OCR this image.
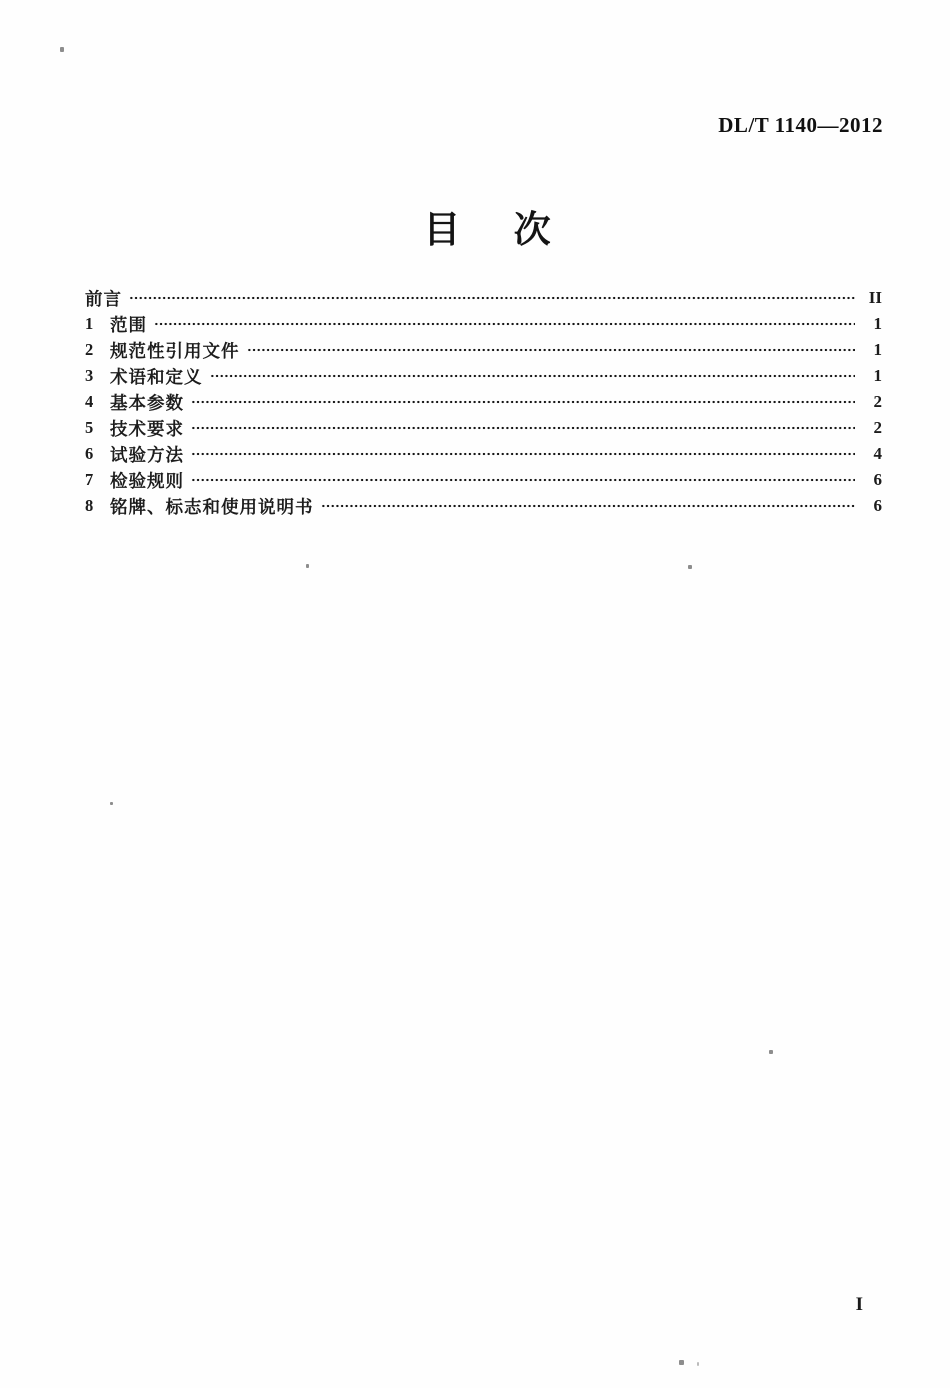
DL/T 1140—2012
目 次
前言	II
1 范围	1
2 规范性引用文件	1
3 术语和定义	1
4 基本参数	2
5 技术要求	2
6 试验方法	4
7 检验规则	6
8 铭牌、标志和使用说明书	6
I
